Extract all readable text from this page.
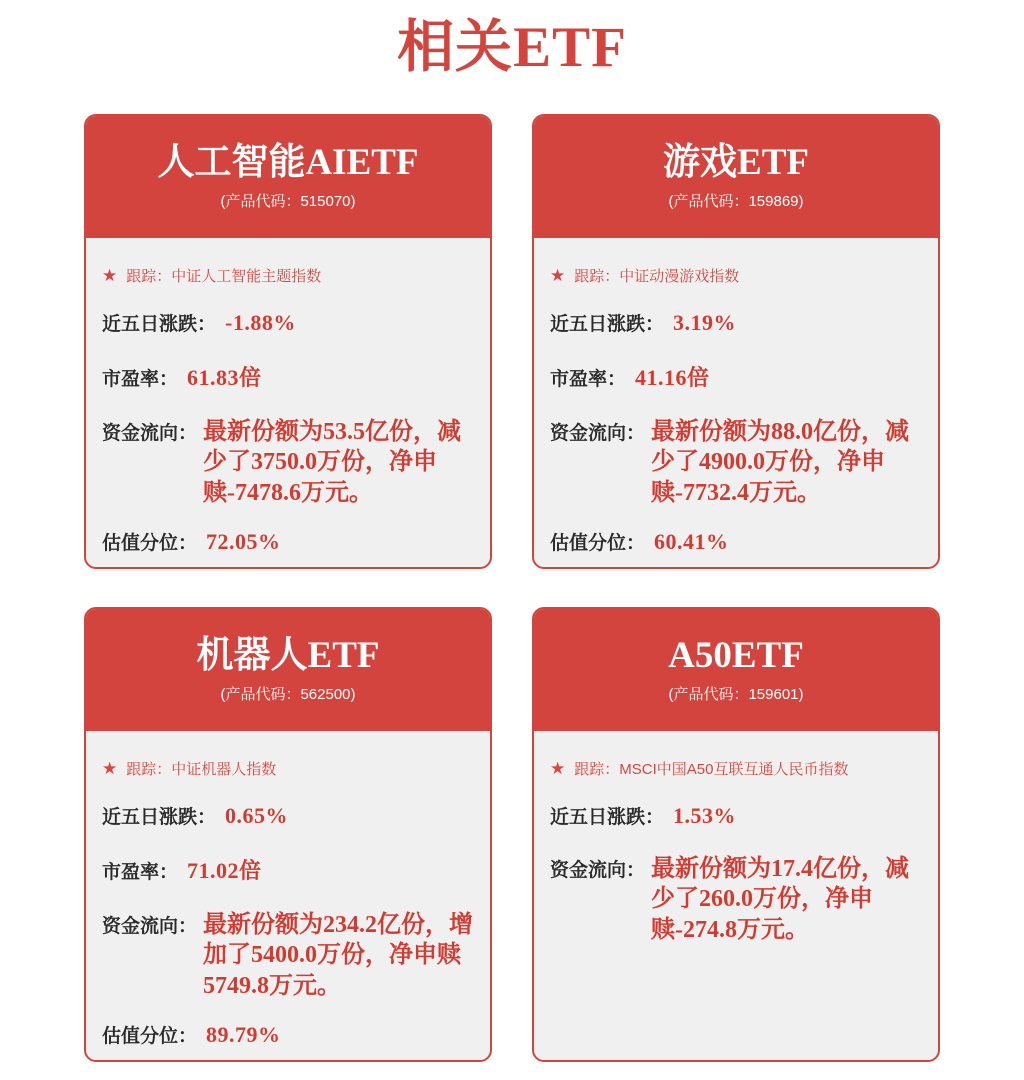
相关ETF
人工智能AIETF
(产品代码：515070)
★ 跟踪： 中证人工智能主题指数
近五日涨跌： -1.88%
市盈率： 61.83倍
资金流向： 最新份额为53.5亿份，减少了3750.0万份，净申赎-7478.6万元。
估值分位： 72.05%
游戏ETF
(产品代码：159869)
★ 跟踪： 中证动漫游戏指数
近五日涨跌： 3.19%
市盈率： 41.16倍
资金流向： 最新份额为88.0亿份，减少了4900.0万份，净申赎-7732.4万元。
估值分位： 60.41%
机器人ETF
(产品代码：562500)
★ 跟踪： 中证机器人指数
近五日涨跌： 0.65%
市盈率： 71.02倍
资金流向： 最新份额为234.2亿份，增加了5400.0万份，净申赎5749.8万元。
估值分位： 89.79%
A50ETF
(产品代码：159601)
★ 跟踪： MSCI中国A50互联互通人民币指数
近五日涨跌： 1.53%
资金流向： 最新份额为17.4亿份，减少了260.0万份，净申赎-274.8万元。
